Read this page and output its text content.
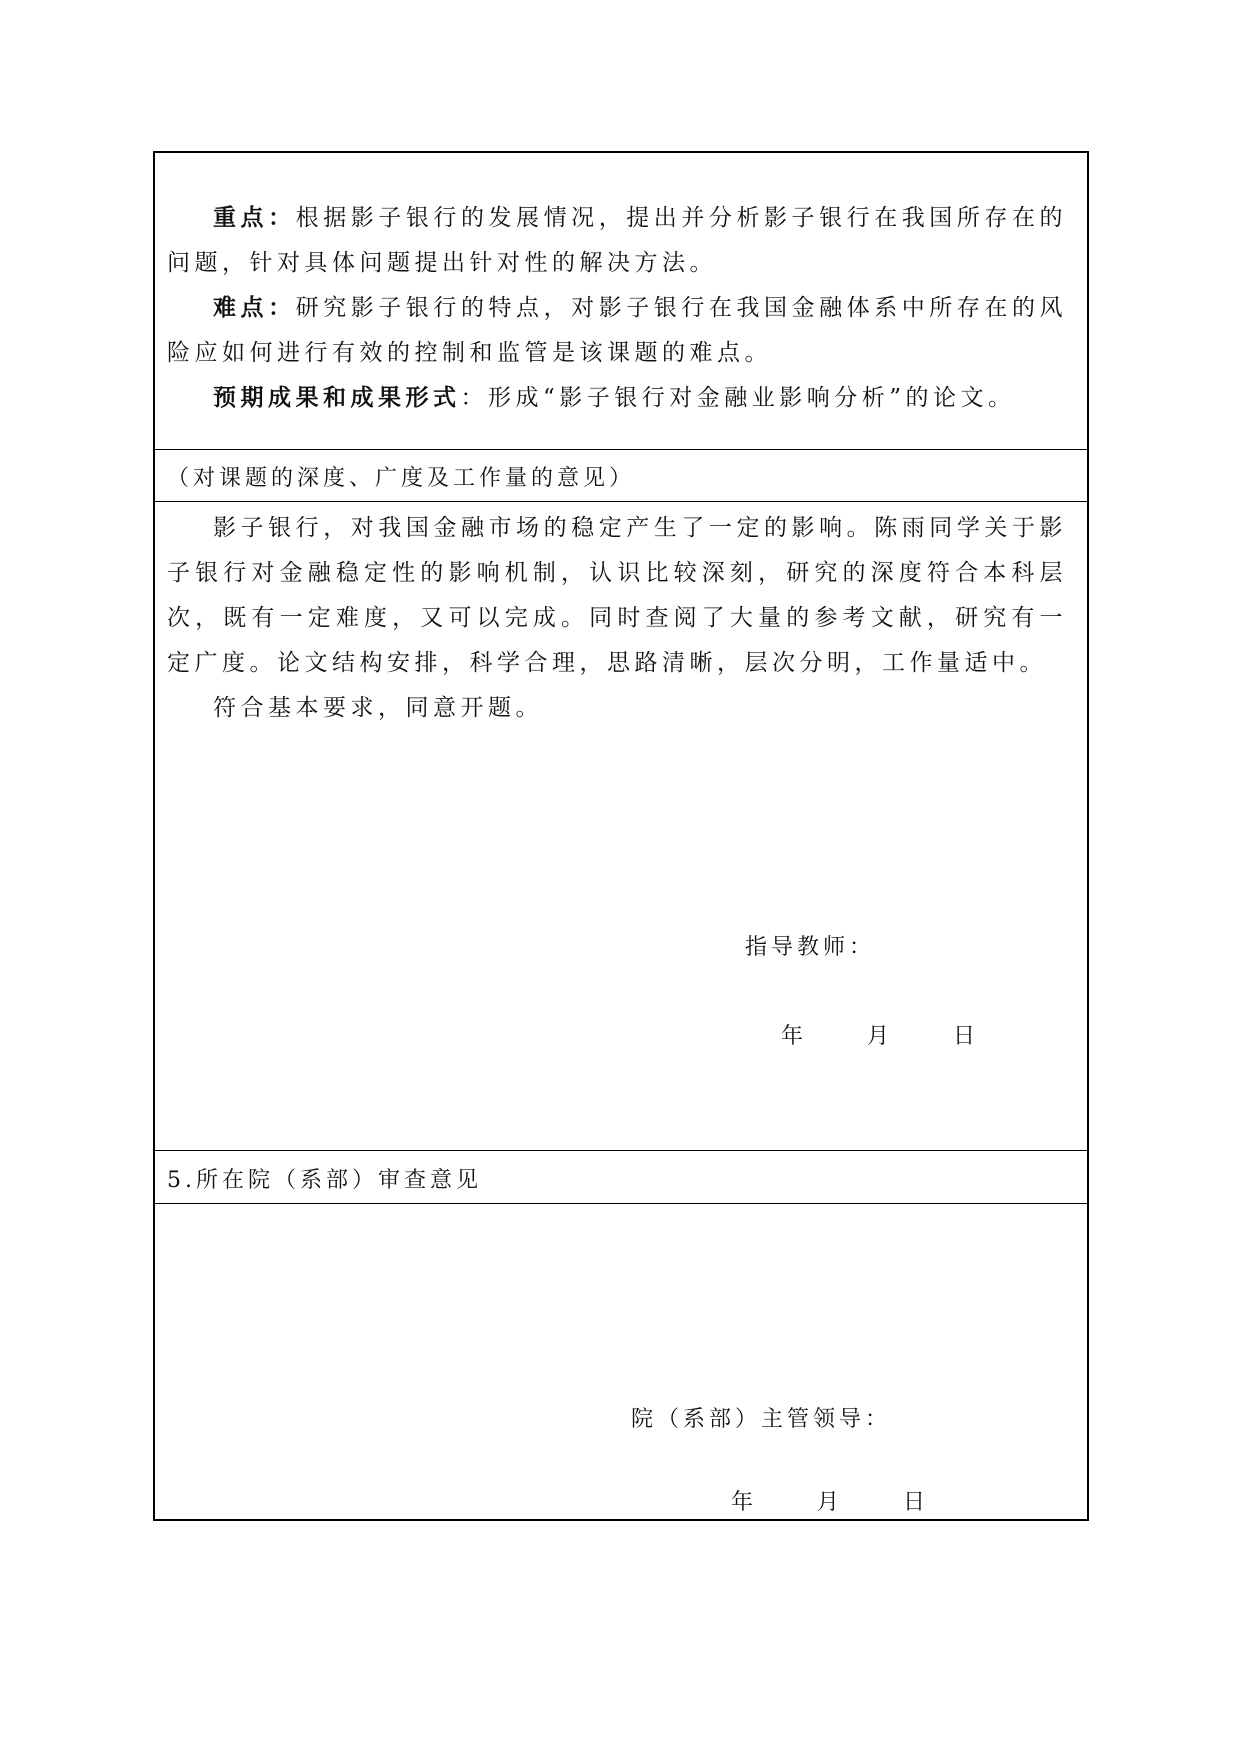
重点：根据影子银行的发展情况，提出并分析影子银行在我国所存在的问题，针对具体问题提出针对性的解决方法。

难点：研究影子银行的特点，对影子银行在我国金融体系中所存在的风险应如何进行有效的控制和监管是该课题的难点。

预期成果和成果形式：形成“影子银行对金融业影响分析”的论文。

（对课题的深度、广度及工作量的意见）

影子银行，对我国金融市场的稳定产生了一定的影响。陈雨同学关于影子银行对金融稳定性的影响机制，认识比较深刻，研究的深度符合本科层次，既有一定难度，又可以完成。同时查阅了大量的参考文献，研究有一定广度。论文结构安排，科学合理，思路清晰，层次分明，工作量适中。

符合基本要求，同意开题。

指导教师：
年	月	日

5.所在院（系部）审查意见

院（系部）主管领导：
年	月	日
